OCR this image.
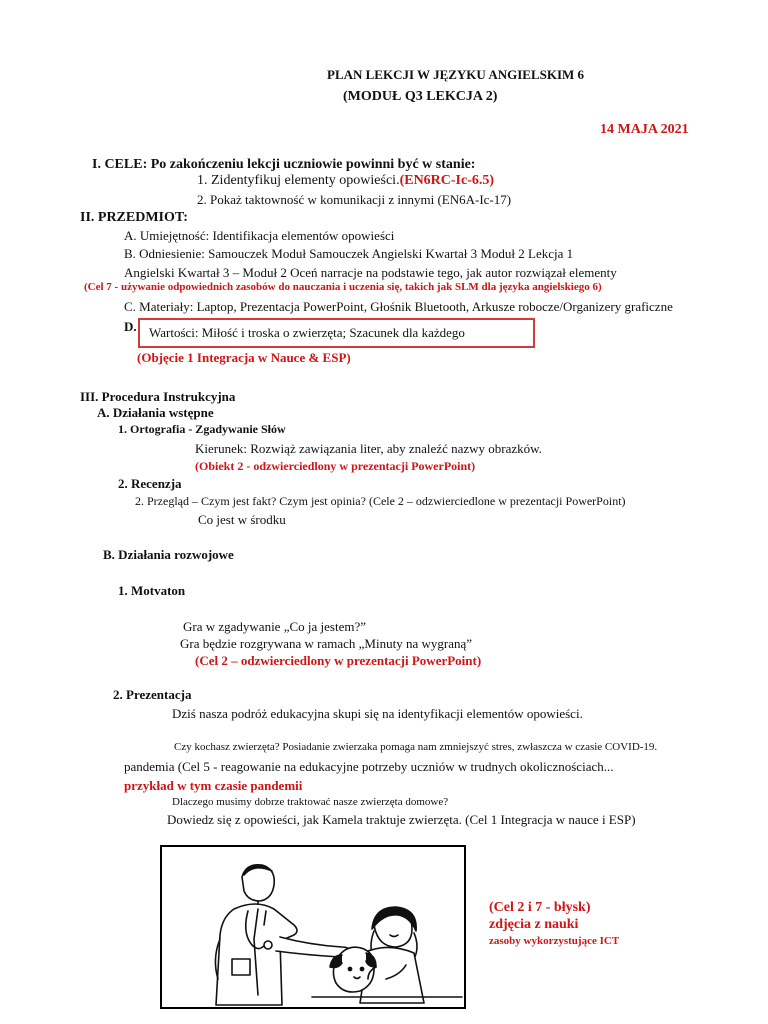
PLAN LEKCJI W JĘZYKU ANGIELSKIM 6
(MODUŁ Q3 LEKCJA 2)
14 MAJA 2021
I. CELE: Po zakończeniu lekcji uczniowie powinni być w stanie:
1. Zidentyfikuj elementy opowieści.(EN6RC-Ic-6.5)
2. Pokaż taktowność w komunikacji z innymi (EN6A-Ic-17)
II. PRZEDMIOT:
A. Umiejętność: Identifikacja elementów opowieści
B. Odniesienie: Samouczek Moduł Samouczek Angielski Kwartał 3 Moduł 2 Lekcja 1
Angielski Kwartał 3 – Moduł 2 Oceń narracje na podstawie tego, jak autor rozwiązał elementy
(Cel 7 - używanie odpowiednich zasobów do nauczania i uczenia się, takich jak SLM dla języka angielskiego 6)
C. Materiały: Laptop, Prezentacja PowerPoint, Głośnik Bluetooth, Arkusze robocze/Organizery graficzne
D. Wartości: Miłość i troska o zwierzęta; Szacunek dla każdego
(Objęcie 1 Integracja w Nauce & ESP)
III. Procedura Instrukcyjna
A. Działania wstępne
1. Ortografia - Zgadywanie Słów
Kierunek: Rozwiąż zawiązania liter, aby znaleźć nazwy obrazków.
(Obiekt 2 - odzwierciedlony w prezentacji PowerPoint)
2. Recenzja
2. Przegląd – Czym jest fakt? Czym jest opinia? (Cele 2 – odzwierciedlone w prezentacji PowerPoint)
Co jest w środku
B. Działania rozwojowe
1. Motvaton
Gra w zgadywanie „Co ja jestem?”
Gra będzie rozgrywana w ramach „Minuty na wygraną”
(Cel 2 – odzwierciedlony w prezentacji PowerPoint)
2. Prezentacja
Dziś nasza podróż edukacyjna skupi się na identyfikacji elementów opowieści.
Czy kochasz zwierzęta? Posiadanie zwierzaka pomaga nam zmniejszyć stres, zwłaszcza w czasie COVID-19.
pandemia (Cel 5 - reagowanie na edukacyjne potrzeby uczniów w trudnych okolicznościach...
przykład w tym czasie pandemii
Dlaczego musimy dobrze traktować nasze zwierzęta domowe?
Dowiedz się z opowieści, jak Kamela traktuje zwierzęta. (Cel 1 Integracja w nauce i ESP)
(Cel 2 i 7 - błysk)
zdjęcia z nauki
zasoby wykorzystujące ICT
